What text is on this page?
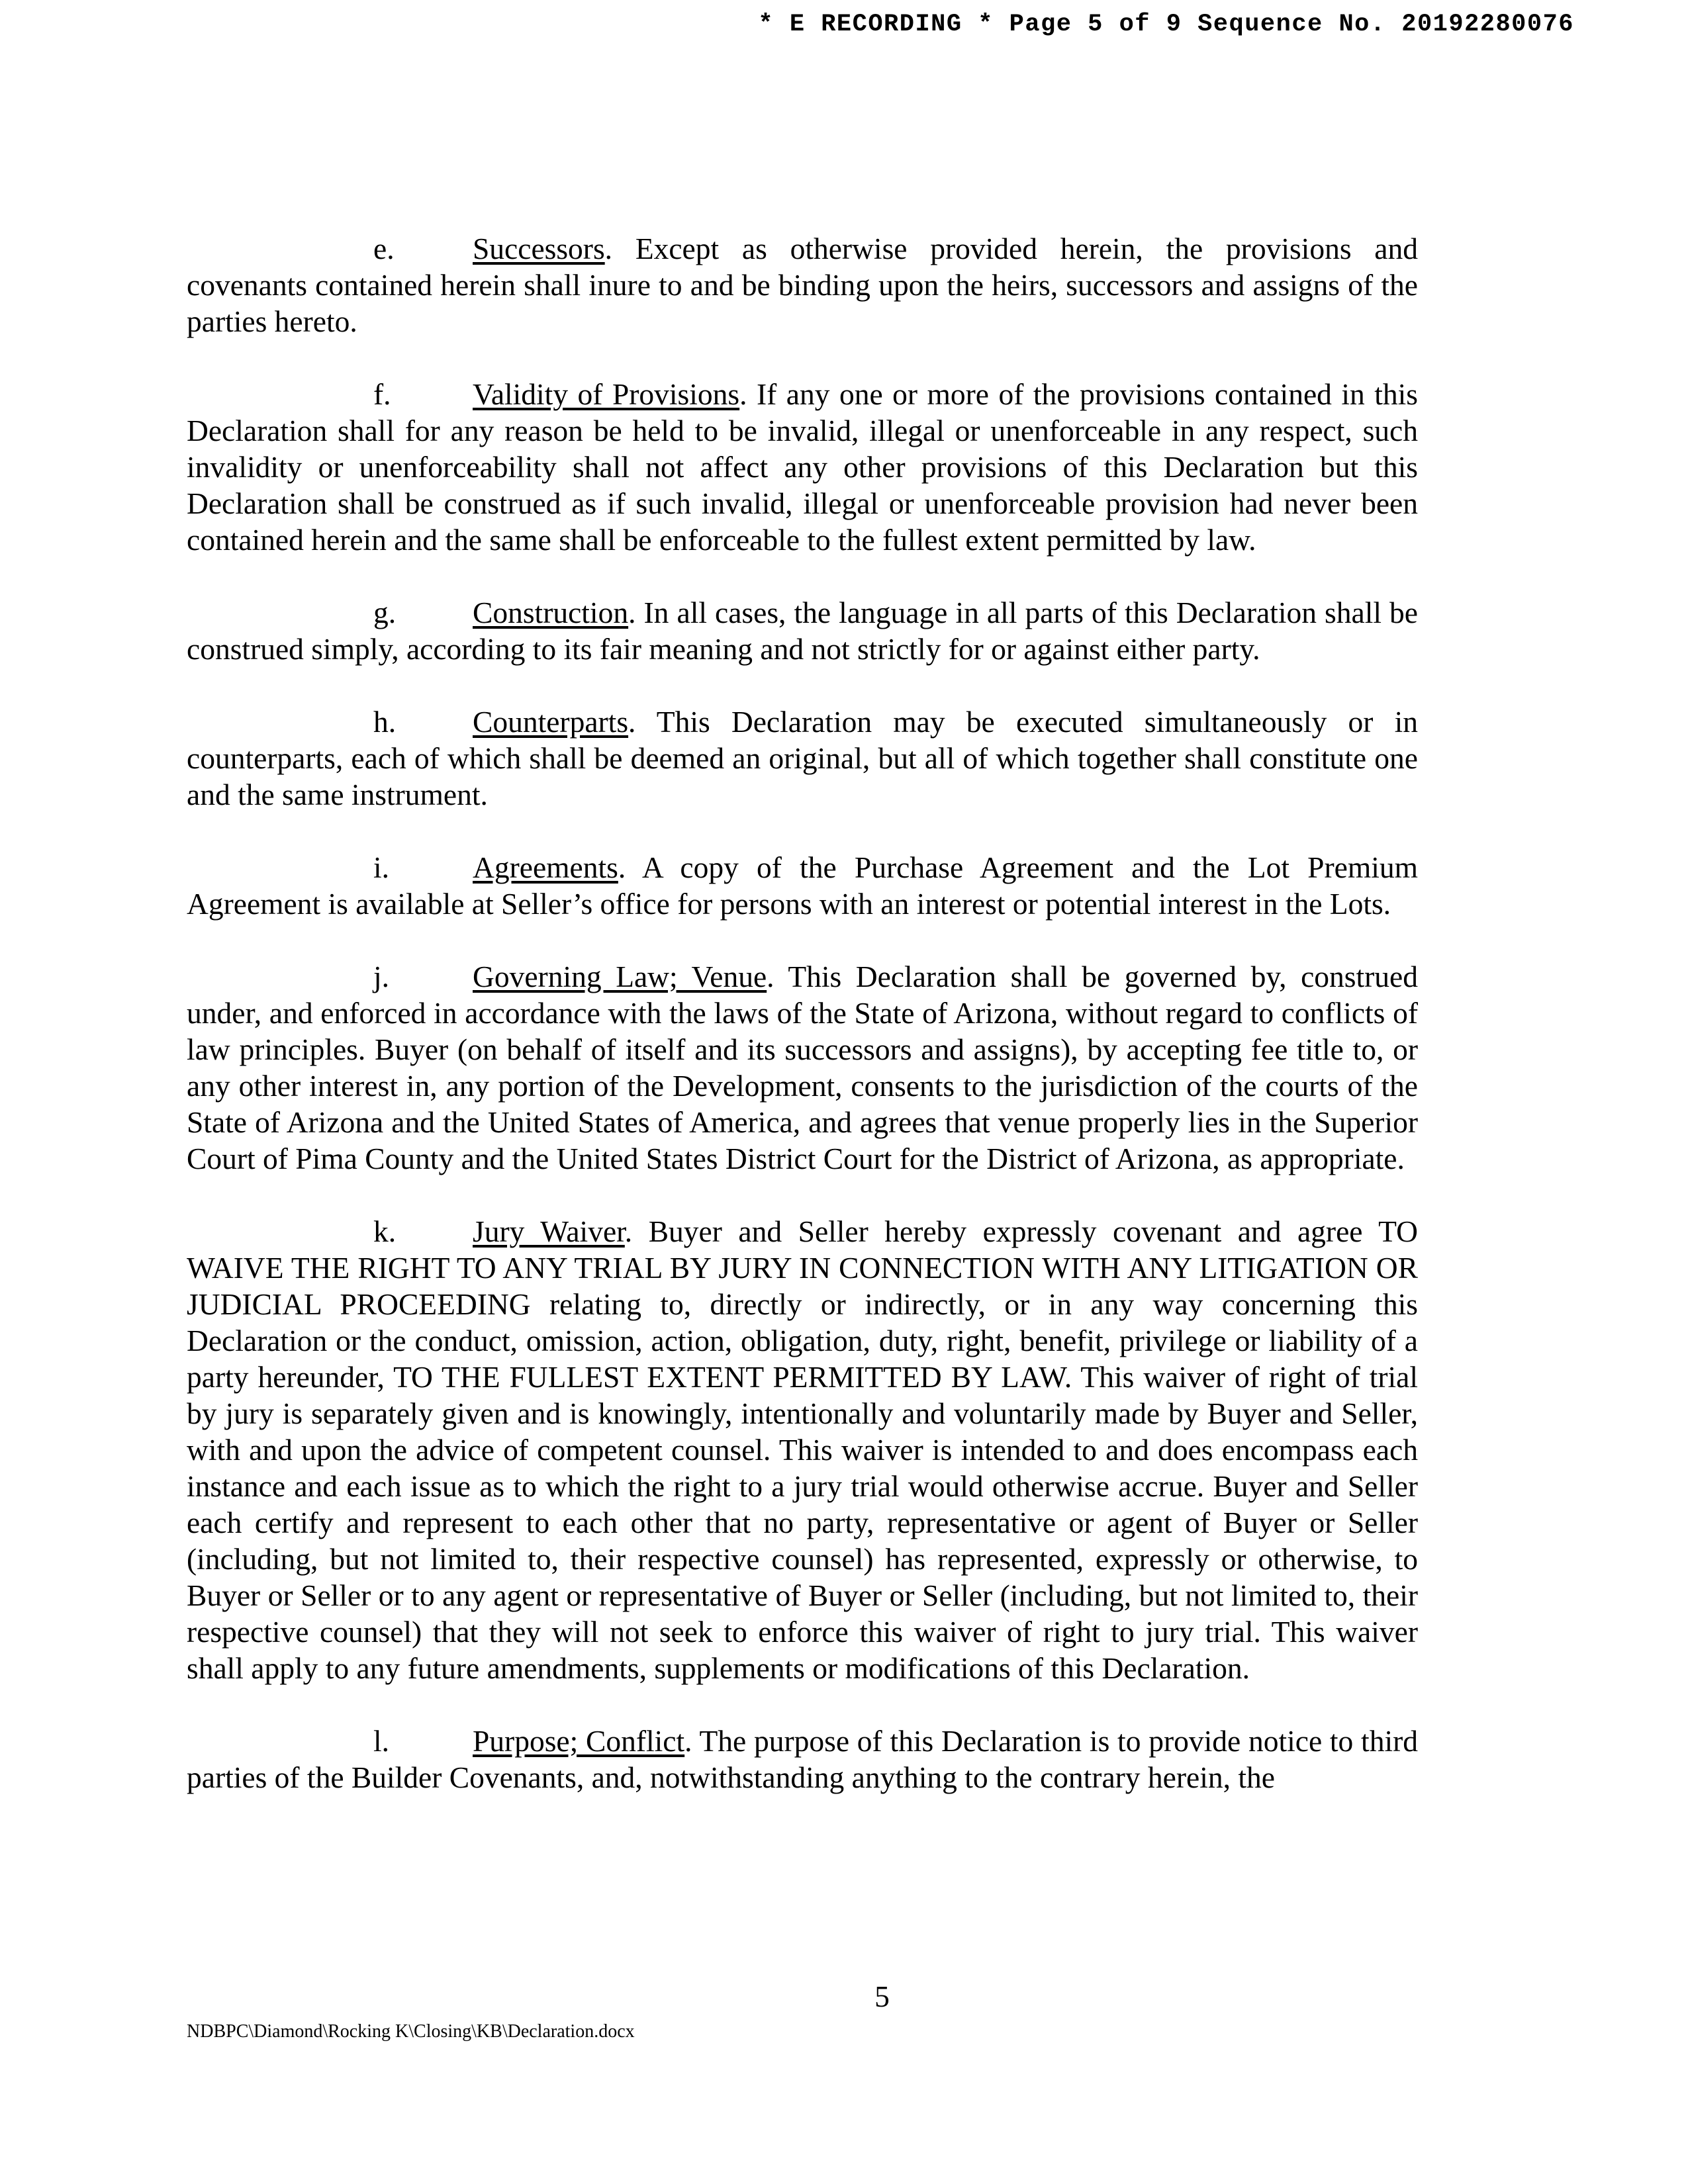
* E RECORDING * Page 5 of 9 Sequence No. 20192280076

e.	Successors. Except as otherwise provided herein, the provisions and covenants contained herein shall inure to and be binding upon the heirs, successors and assigns of the parties hereto.

f.	Validity of Provisions. If any one or more of the provisions contained in this Declaration shall for any reason be held to be invalid, illegal or unenforceable in any respect, such invalidity or unenforceability shall not affect any other provisions of this Declaration but this Declaration shall be construed as if such invalid, illegal or unenforceable provision had never been contained herein and the same shall be enforceable to the fullest extent permitted by law.

g.	Construction. In all cases, the language in all parts of this Declaration shall be construed simply, according to its fair meaning and not strictly for or against either party.

h.	Counterparts. This Declaration may be executed simultaneously or in counterparts, each of which shall be deemed an original, but all of which together shall constitute one and the same instrument.

i.	Agreements. A copy of the Purchase Agreement and the Lot Premium Agreement is available at Seller’s office for persons with an interest or potential interest in the Lots.

j.	Governing Law; Venue. This Declaration shall be governed by, construed under, and enforced in accordance with the laws of the State of Arizona, without regard to conflicts of law principles. Buyer (on behalf of itself and its successors and assigns), by accepting fee title to, or any other interest in, any portion of the Development, consents to the jurisdiction of the courts of the State of Arizona and the United States of America, and agrees that venue properly lies in the Superior Court of Pima County and the United States District Court for the District of Arizona, as appropriate.

k.	Jury Waiver. Buyer and Seller hereby expressly covenant and agree TO WAIVE THE RIGHT TO ANY TRIAL BY JURY IN CONNECTION WITH ANY LITIGATION OR JUDICIAL PROCEEDING relating to, directly or indirectly, or in any way concerning this Declaration or the conduct, omission, action, obligation, duty, right, benefit, privilege or liability of a party hereunder, TO THE FULLEST EXTENT PERMITTED BY LAW. This waiver of right of trial by jury is separately given and is knowingly, intentionally and voluntarily made by Buyer and Seller, with and upon the advice of competent counsel. This waiver is intended to and does encompass each instance and each issue as to which the right to a jury trial would otherwise accrue. Buyer and Seller each certify and represent to each other that no party, representative or agent of Buyer or Seller (including, but not limited to, their respective counsel) has represented, expressly or otherwise, to Buyer or Seller or to any agent or representative of Buyer or Seller (including, but not limited to, their respective counsel) that they will not seek to enforce this waiver of right to jury trial. This waiver shall apply to any future amendments, supplements or modifications of this Declaration.

l.	Purpose; Conflict. The purpose of this Declaration is to provide notice to third parties of the Builder Covenants, and, notwithstanding anything to the contrary herein, the

5
NDBPC\Diamond\Rocking K\Closing\KB\Declaration.docx
